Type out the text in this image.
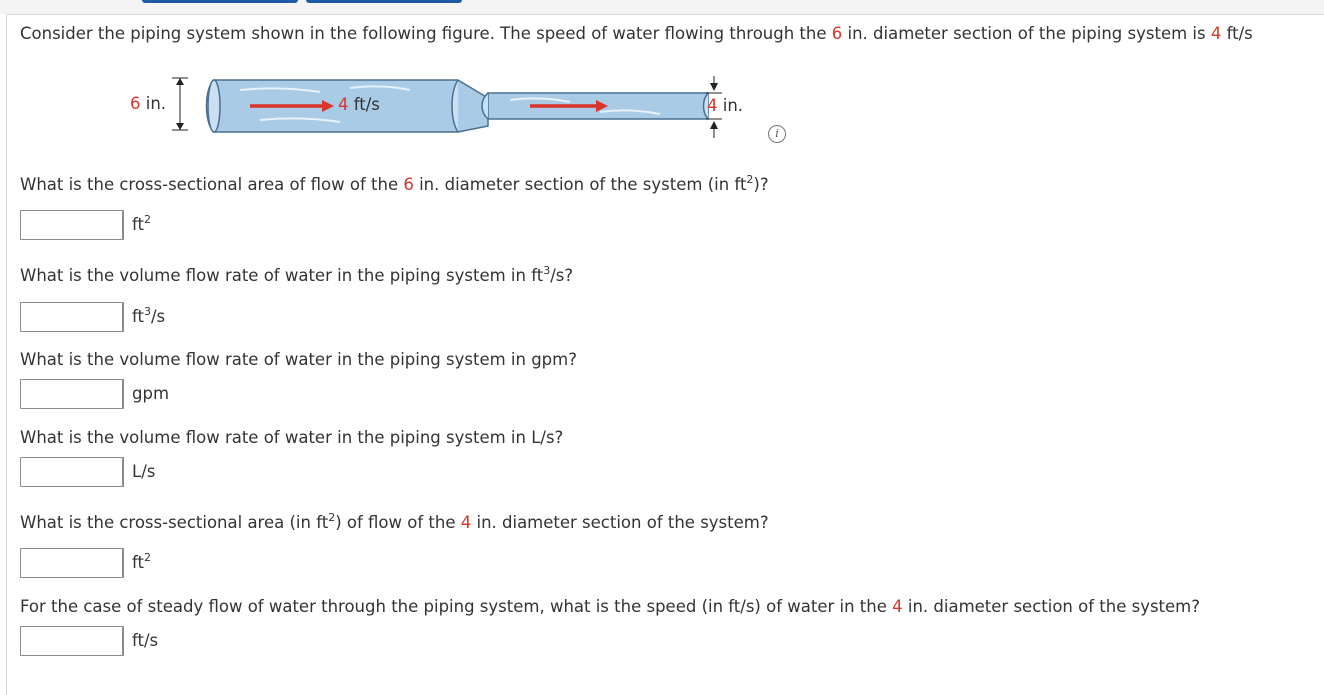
Consider the piping system shown in the following figure. The speed of water flowing through the 6 in. diameter section of the piping system is 4 ft/s
6 in.	4 ft/s	4 in.
i
What is the cross-sectional area of flow of the 6 in. diameter section of the system (in $ft^2$)?
$ft^2$
What is the volume flow rate of water in the piping system in $ft^3/s$?
$ft^3/s$
What is the volume flow rate of water in the piping system in gpm?
gpm
What is the volume flow rate of water in the piping system in L/s?
L/s
What is the cross-sectional area (in $ft^2$) of flow of the 4 in. diameter section of the system?
$ft^2$
For the case of steady flow of water through the piping system, what is the speed (in ft/s) of water in the 4 in. diameter section of the system?
ft/s
